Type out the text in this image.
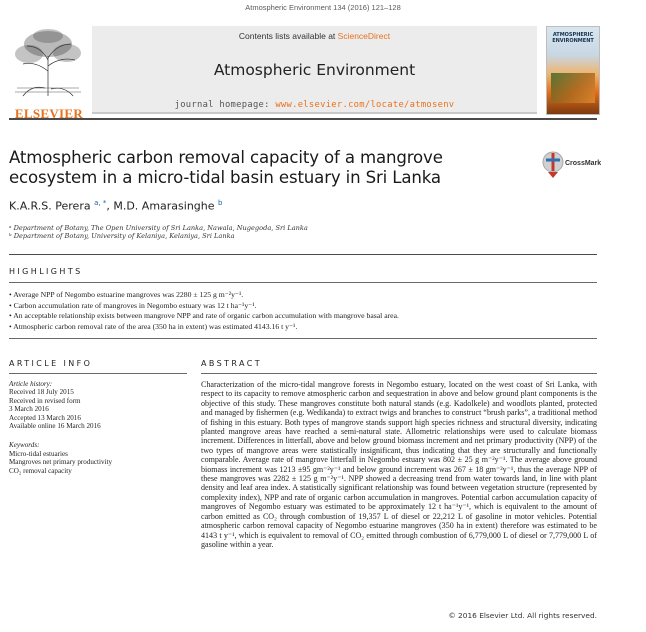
Atmospheric Environment 134 (2016) 121–128
ELSEVIER
Contents lists available at ScienceDirect
Atmospheric Environment
journal homepage: www.elsevier.com/locate/atmosenv
ATMOSPHERIC ENVIRONMENT
Atmospheric carbon removal capacity of a mangrove ecosystem in a micro-tidal basin estuary in Sri Lanka
CrossMark
K.A.R.S. Perera $^{a, *}$, M.D. Amarasinghe $^b$
ᵃ Department of Botany, The Open University of Sri Lanka, Nawala, Nugegoda, Sri Lanka
ᵇ Department of Botany, University of Kelaniya, Kelaniya, Sri Lanka
HIGHLIGHTS
• Average NPP of Negombo estuarine mangroves was 2280 ± 125 g m⁻²y⁻¹.
• Carbon accumulation rate of mangroves in Negombo estuary was 12 t ha⁻¹y⁻¹.
• An acceptable relationship exists between mangrove NPP and rate of organic carbon accumulation with mangrove basal area.
• Atmospheric carbon removal rate of the area (350 ha in extent) was estimated 4143.16 t y⁻¹.
ARTICLE INFO
Article history:
Received 18 July 2015
Received in revised form
3 March 2016
Accepted 13 March 2016
Available online 16 March 2016
Keywords:
Micro-tidal estuaries
Mangroves net primary productivity
CO₂ removal capacity
ABSTRACT
Characterization of the micro-tidal mangrove forests in Negombo estuary, located on the west coast of Sri Lanka, with respect to its capacity to remove atmospheric carbon and sequestration in above and below ground plant components is the objective of this study. These mangroves constitute both natural stands (e.g. Kadolkele) and woodlots planted, protected and managed by fishermen (e.g. Wedikanda) to extract twigs and branches to construct “brush parks”, a traditional method of fishing in this estuary. Both types of mangrove stands support high species richness and structural diversity, indicating planted mangrove areas have reached a semi-natural state. Allometric relationships were used to calculate biomass increment. Differences in litterfall, above and below ground biomass increment and net primary productivity (NPP) of the two types of mangrove areas were statistically insignificant, thus indicating that they are structurally and functionally comparable. Average rate of mangrove litterfall in Negombo estuary was 802 ± 25 g m⁻²y⁻¹. The average above ground biomass increment was 1213 ±95 gm⁻²y⁻¹ and below ground increment was 267 ± 18 gm⁻²y⁻¹, thus the average NPP of these mangroves was 2282 ± 125 g m⁻²y⁻¹. NPP showed a decreasing trend from water towards land, in line with plant density and leaf area index. A statistically significant relationship was found between vegetation structure (represented by complexity index), NPP and rate of organic carbon accumulation in mangroves. Potential carbon accumulation capacity of mangroves of Negombo estuary was estimated to be approximately 12 t ha⁻¹y⁻¹, which is equivalent to the amount of carbon emitted as CO₂ through combustion of 19,357 L of diesel or 22,212 L of gasoline in motor vehicles. Potential atmospheric carbon removal capacity of Negombo estuarine mangroves (350 ha in extent) therefore was estimated to be 4143 t y⁻¹, which is equivalent to removal of CO₂ emitted through combustion of 6,779,000 L of diesel or 7,779,000 L of gasoline within a year.
© 2016 Elsevier Ltd. All rights reserved.
